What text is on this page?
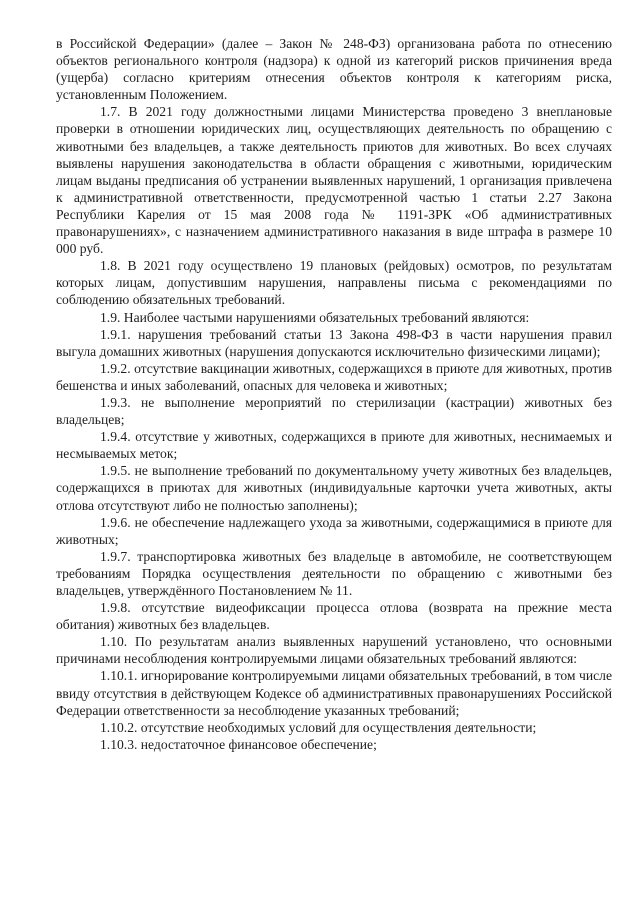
в Российской Федерации» (далее – Закон № 248-ФЗ) организована работа по отнесению объектов регионального контроля (надзора) к одной из категорий рисков причинения вреда (ущерба) согласно критериям отнесения объектов контроля к категориям риска, установленным Положением.

1.7. В 2021 году должностными лицами Министерства проведено 3 внеплановые проверки в отношении юридических лиц, осуществляющих деятельность по обращению с животными без владельцев, а также деятельность приютов для животных. Во всех случаях выявлены нарушения законодательства в области обращения с животными, юридическим лицам выданы предписания об устранении выявленных нарушений, 1 организация привлечена к административной ответственности, предусмотренной частью 1 статьи 2.27 Закона Республики Карелия от 15 мая 2008 года № 1191-ЗРК «Об административных правонарушениях», с назначением административного наказания в виде штрафа в размере 10 000 руб.

1.8. В 2021 году осуществлено 19 плановых (рейдовых) осмотров, по результатам которых лицам, допустившим нарушения, направлены письма с рекомендациями по соблюдению обязательных требований.

1.9. Наиболее частыми нарушениями обязательных требований являются:

1.9.1. нарушения требований статьи 13 Закона 498-ФЗ в части нарушения правил выгула домашних животных (нарушения допускаются исключительно физическими лицами);

1.9.2. отсутствие вакцинации животных, содержащихся в приюте для животных, против бешенства и иных заболеваний, опасных для человека и животных;

1.9.3. не выполнение мероприятий по стерилизации (кастрации) животных без владельцев;

1.9.4. отсутствие у животных, содержащихся в приюте для животных, неснимаемых и несмываемых меток;

1.9.5. не выполнение требований по документальному учету животных без владельцев, содержащихся в приютах для животных (индивидуальные карточки учета животных, акты отлова отсутствуют либо не полностью заполнены);

1.9.6. не обеспечение надлежащего ухода за животными, содержащимися в приюте для животных;

1.9.7. транспортировка животных без владельце в автомобиле, не соответствующем требованиям Порядка осуществления деятельности по обращению с животными без владельцев, утверждённого Постановлением № 11.

1.9.8. отсутствие видеофиксации процесса отлова (возврата на прежние места обитания) животных без владельцев.

1.10. По результатам анализ выявленных нарушений установлено, что основными причинами несоблюдения контролируемыми лицами обязательных требований являются:

1.10.1. игнорирование контролируемыми лицами обязательных требований, в том числе ввиду отсутствия в действующем Кодексе об административных правонарушениях Российской Федерации ответственности за несоблюдение указанных требований;

1.10.2. отсутствие необходимых условий для осуществления деятельности;

1.10.3. недостаточное финансовое обеспечение;
